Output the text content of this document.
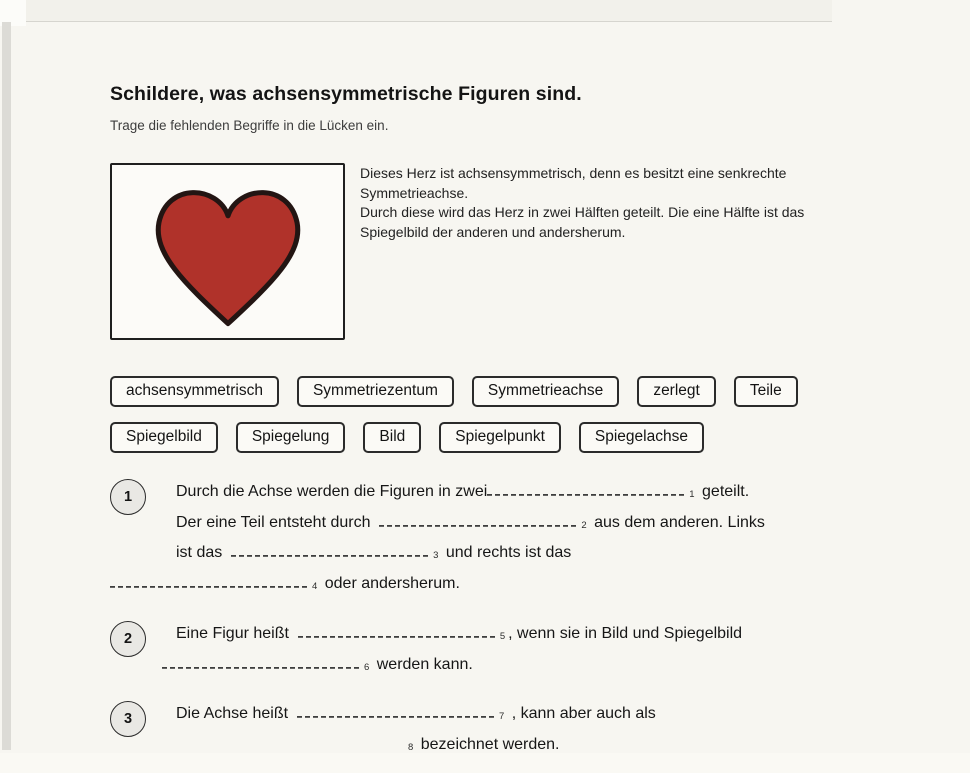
Schildere, was achsensymmetrische Figuren sind.
Trage die fehlenden Begriffe in die Lücken ein.
Dieses Herz ist achsensymmetrisch, denn es besitzt eine senkrechte
Symmetrieachse.
Durch diese wird das Herz in zwei Hälften geteilt. Die eine Hälfte ist das
Spiegelbild der anderen und andersherum.
achsensymmetrisch	Symmetriezentum	Symmetrieachse	zerlegt	Teile
Spiegelbild	Spiegelung	Bild	Spiegelpunkt	Spiegelachse
1	Durch die Achse werden die Figuren in zwei	1 geteilt.
Der eine Teil entsteht durch	2 aus dem anderen. Links
ist das	3 und rechts ist das
4 oder andersherum.
2	Eine Figur heißt	5 , wenn sie in Bild und Spiegelbild
6 werden kann.
3	Die Achse heißt	7 , kann aber auch als
8 bezeichnet werden.
